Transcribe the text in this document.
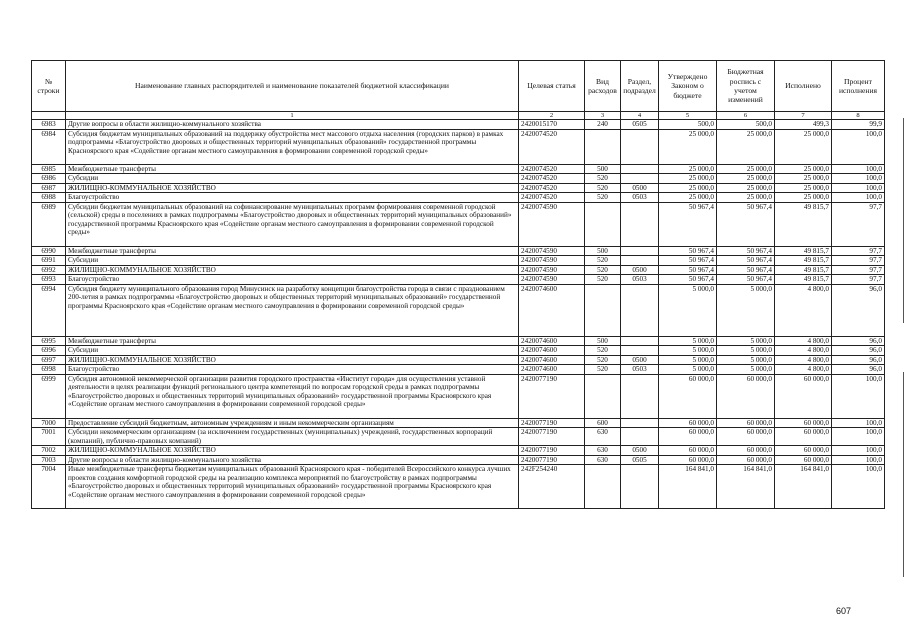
№ строки	Наименование главных распорядителей и наименование показателей бюджетной классификации	Целевая статья	Вид расходов	Раздел, подраздел	Утверждено Законом о бюджете	Бюджетная роспись с учетом изменений	Исполнено	Процент исполнения
	1	2	3	4	5	6	7	8
6983	Другие вопросы в области жилищно-коммунального хозяйства	2420015170	240	0505	500,0	500,0	499,3	99,9
6984	Субсидия бюджетам муниципальных образований на поддержку обустройства мест массового отдыха населения (городских парков) в рамках подпрограммы «Благоустройство дворовых и общественных территорий муниципальных образований» государственной программы Красноярского края «Содействие органам местного самоуправления в формировании современной городской среды»	2420074520			25 000,0	25 000,0	25 000,0	100,0
6985	Межбюджетные трансферты	2420074520	500		25 000,0	25 000,0	25 000,0	100,0
6986	Субсидии	2420074520	520		25 000,0	25 000,0	25 000,0	100,0
6987	ЖИЛИЩНО-КОММУНАЛЬНОЕ ХОЗЯЙСТВО	2420074520	520	0500	25 000,0	25 000,0	25 000,0	100,0
6988	Благоустройство	2420074520	520	0503	25 000,0	25 000,0	25 000,0	100,0
6989	Субсидии бюджетам муниципальных образований на софинансирование муниципальных программ формирования современной городской (сельской) среды в поселениях в рамках подпрограммы «Благоустройство дворовых и общественных территорий муниципальных образований» государственной программы Красноярского края «Содействие органам местного самоуправления в формировании современной городской среды»	2420074590			50 967,4	50 967,4	49 815,7	97,7
6990	Межбюджетные трансферты	2420074590	500		50 967,4	50 967,4	49 815,7	97,7
6991	Субсидии	2420074590	520		50 967,4	50 967,4	49 815,7	97,7
6992	ЖИЛИЩНО-КОММУНАЛЬНОЕ ХОЗЯЙСТВО	2420074590	520	0500	50 967,4	50 967,4	49 815,7	97,7
6993	Благоустройство	2420074590	520	0503	50 967,4	50 967,4	49 815,7	97,7
6994	Субсидия бюджету муниципального образования город Минусинск на разработку концепции благоустройства города в связи с празднованием 200-летия в рамках подпрограммы «Благоустройство дворовых и общественных территорий муниципальных образований» государственной программы Красноярского края «Содействие органам местного самоуправления в формировании современной городской среды»	2420074600			5 000,0	5 000,0	4 800,0	96,0
6995	Межбюджетные трансферты	2420074600	500		5 000,0	5 000,0	4 800,0	96,0
6996	Субсидии	2420074600	520		5 000,0	5 000,0	4 800,0	96,0
6997	ЖИЛИЩНО-КОММУНАЛЬНОЕ ХОЗЯЙСТВО	2420074600	520	0500	5 000,0	5 000,0	4 800,0	96,0
6998	Благоустройство	2420074600	520	0503	5 000,0	5 000,0	4 800,0	96,0
6999	Субсидия автономной некоммерческой организации развития городского пространства «Институт города» для осуществления уставной деятельности в целях реализации функций регионального центра компетенций по вопросам городской среды в рамках подпрограммы «Благоустройство дворовых и общественных территорий муниципальных образований» государственной программы Красноярского края «Содействие органам местного самоуправления в формировании современной городской среды»	2420077190			60 000,0	60 000,0	60 000,0	100,0
7000	Предоставление субсидий бюджетным, автономным учреждениям и иным некоммерческим организациям	2420077190	600		60 000,0	60 000,0	60 000,0	100,0
7001	Субсидии некоммерческим организациям (за исключением государственных (муниципальных) учреждений, государственных корпораций (компаний), публично-правовых компаний)	2420077190	630		60 000,0	60 000,0	60 000,0	100,0
7002	ЖИЛИЩНО-КОММУНАЛЬНОЕ ХОЗЯЙСТВО	2420077190	630	0500	60 000,0	60 000,0	60 000,0	100,0
7003	Другие вопросы в области жилищно-коммунального хозяйства	2420077190	630	0505	60 000,0	60 000,0	60 000,0	100,0
7004	Иные межбюджетные трансферты бюджетам муниципальных образований Красноярского края - победителей Всероссийского конкурса лучших проектов создания комфортной городской среды на реализацию комплекса мероприятий по благоустройству в рамках подпрограммы «Благоустройство дворовых и общественных территорий муниципальных образований» государственной программы Красноярского края «Содействие органам местного самоуправления в формировании современной городской среды»	242F254240			164 841,0	164 841,0	164 841,0	100,0
607
